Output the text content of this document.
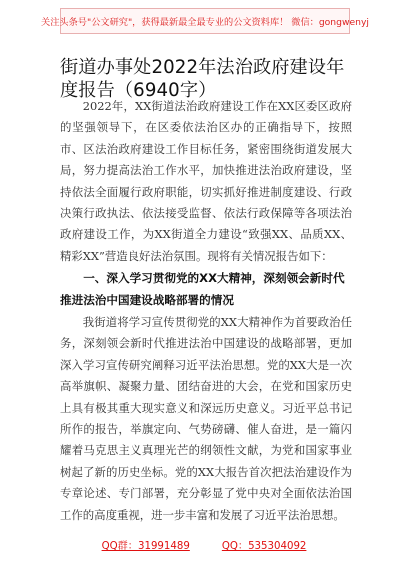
关注头条号"公文研究"，获得最新最全最专业的公文资料库！ 微信：gongwenyj
街道办事处2022年法治政府建设年度报告（6940字）
2022年，XX街道法治政府建设工作在XX区委区政府的坚强领导下，在区委依法治区办的正确指导下，按照市、区法治政府建设工作目标任务，紧密围绕街道发展大局，努力提高法治工作水平，加快推进法治政府建设，坚持依法全面履行政府职能，切实抓好推进制度建设、行政决策行政执法、依法接受监督、依法行政保障等各项法治政府建设工作，为XX街道全力建设“致强XX、品质XX、精彩XX”营造良好法治氛围。现将有关情况报告如下：
一、深入学习贯彻党的XX大精神，深刻领会新时代推进法治中国建设战略部署的情况
我街道将学习宣传贯彻党的XX大精神作为首要政治任务，深刻领会新时代推进法治中国建设的战略部署，更加深入学习宣传研究阐释习近平法治思想。党的XX大是一次高举旗帜、凝聚力量、团结奋进的大会，在党和国家历史上具有极其重大现实意义和深远历史意义。习近平总书记所作的报告，举旗定向、气势磅礴、催人奋进，是一篇闪耀着马克思主义真理光芒的纲领性文献，为党和国家事业树起了新的历史坐标。党的XX大报告首次把法治建设作为专章论述、专门部署，充分彰显了党中央对全面依法治国工作的高度重视，进一步丰富和发展了习近平法治思想。
QQ群：31991489	QQ：535304092
